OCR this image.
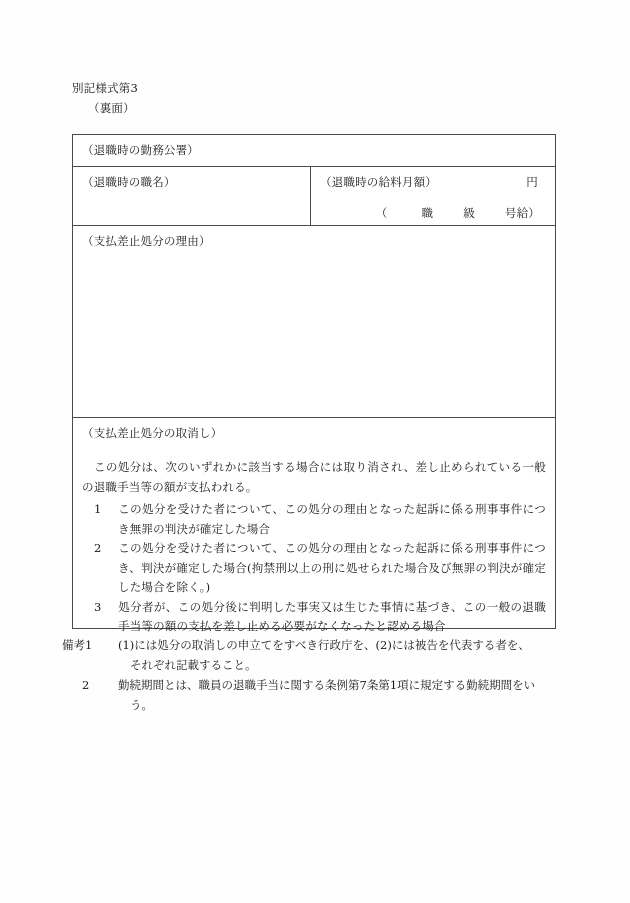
別記様式第3
（裏面）
（退職時の勤務公署）
（退職時の職名）	（退職時の給料月額）	円
（	職	級	号給）
（支払差止処分の理由）
（支払差止処分の取消し）
この処分は、次のいずれかに該当する場合には取り消され、差し止められている一般の退職手当等の額が支払われる。
1 この処分を受けた者について、この処分の理由となった起訴に係る刑事事件につき無罪の判決が確定した場合
2 この処分を受けた者について、この処分の理由となった起訴に係る刑事事件につき、判決が確定した場合(拘禁刑以上の刑に処せられた場合及び無罪の判決が確定した場合を除く。)
3 処分者が、この処分後に判明した事実又は生じた事情に基づき、この一般の退職手当等の額の支払を差し止める必要がなくなったと認める場合
備考1	(1)には処分の取消しの申立てをすべき行政庁を、(2)には被告を代表する者を、
それぞれ記載すること。
2	勤続期間とは、職員の退職手当に関する条例第7条第1項に規定する勤続期間をい
う。
